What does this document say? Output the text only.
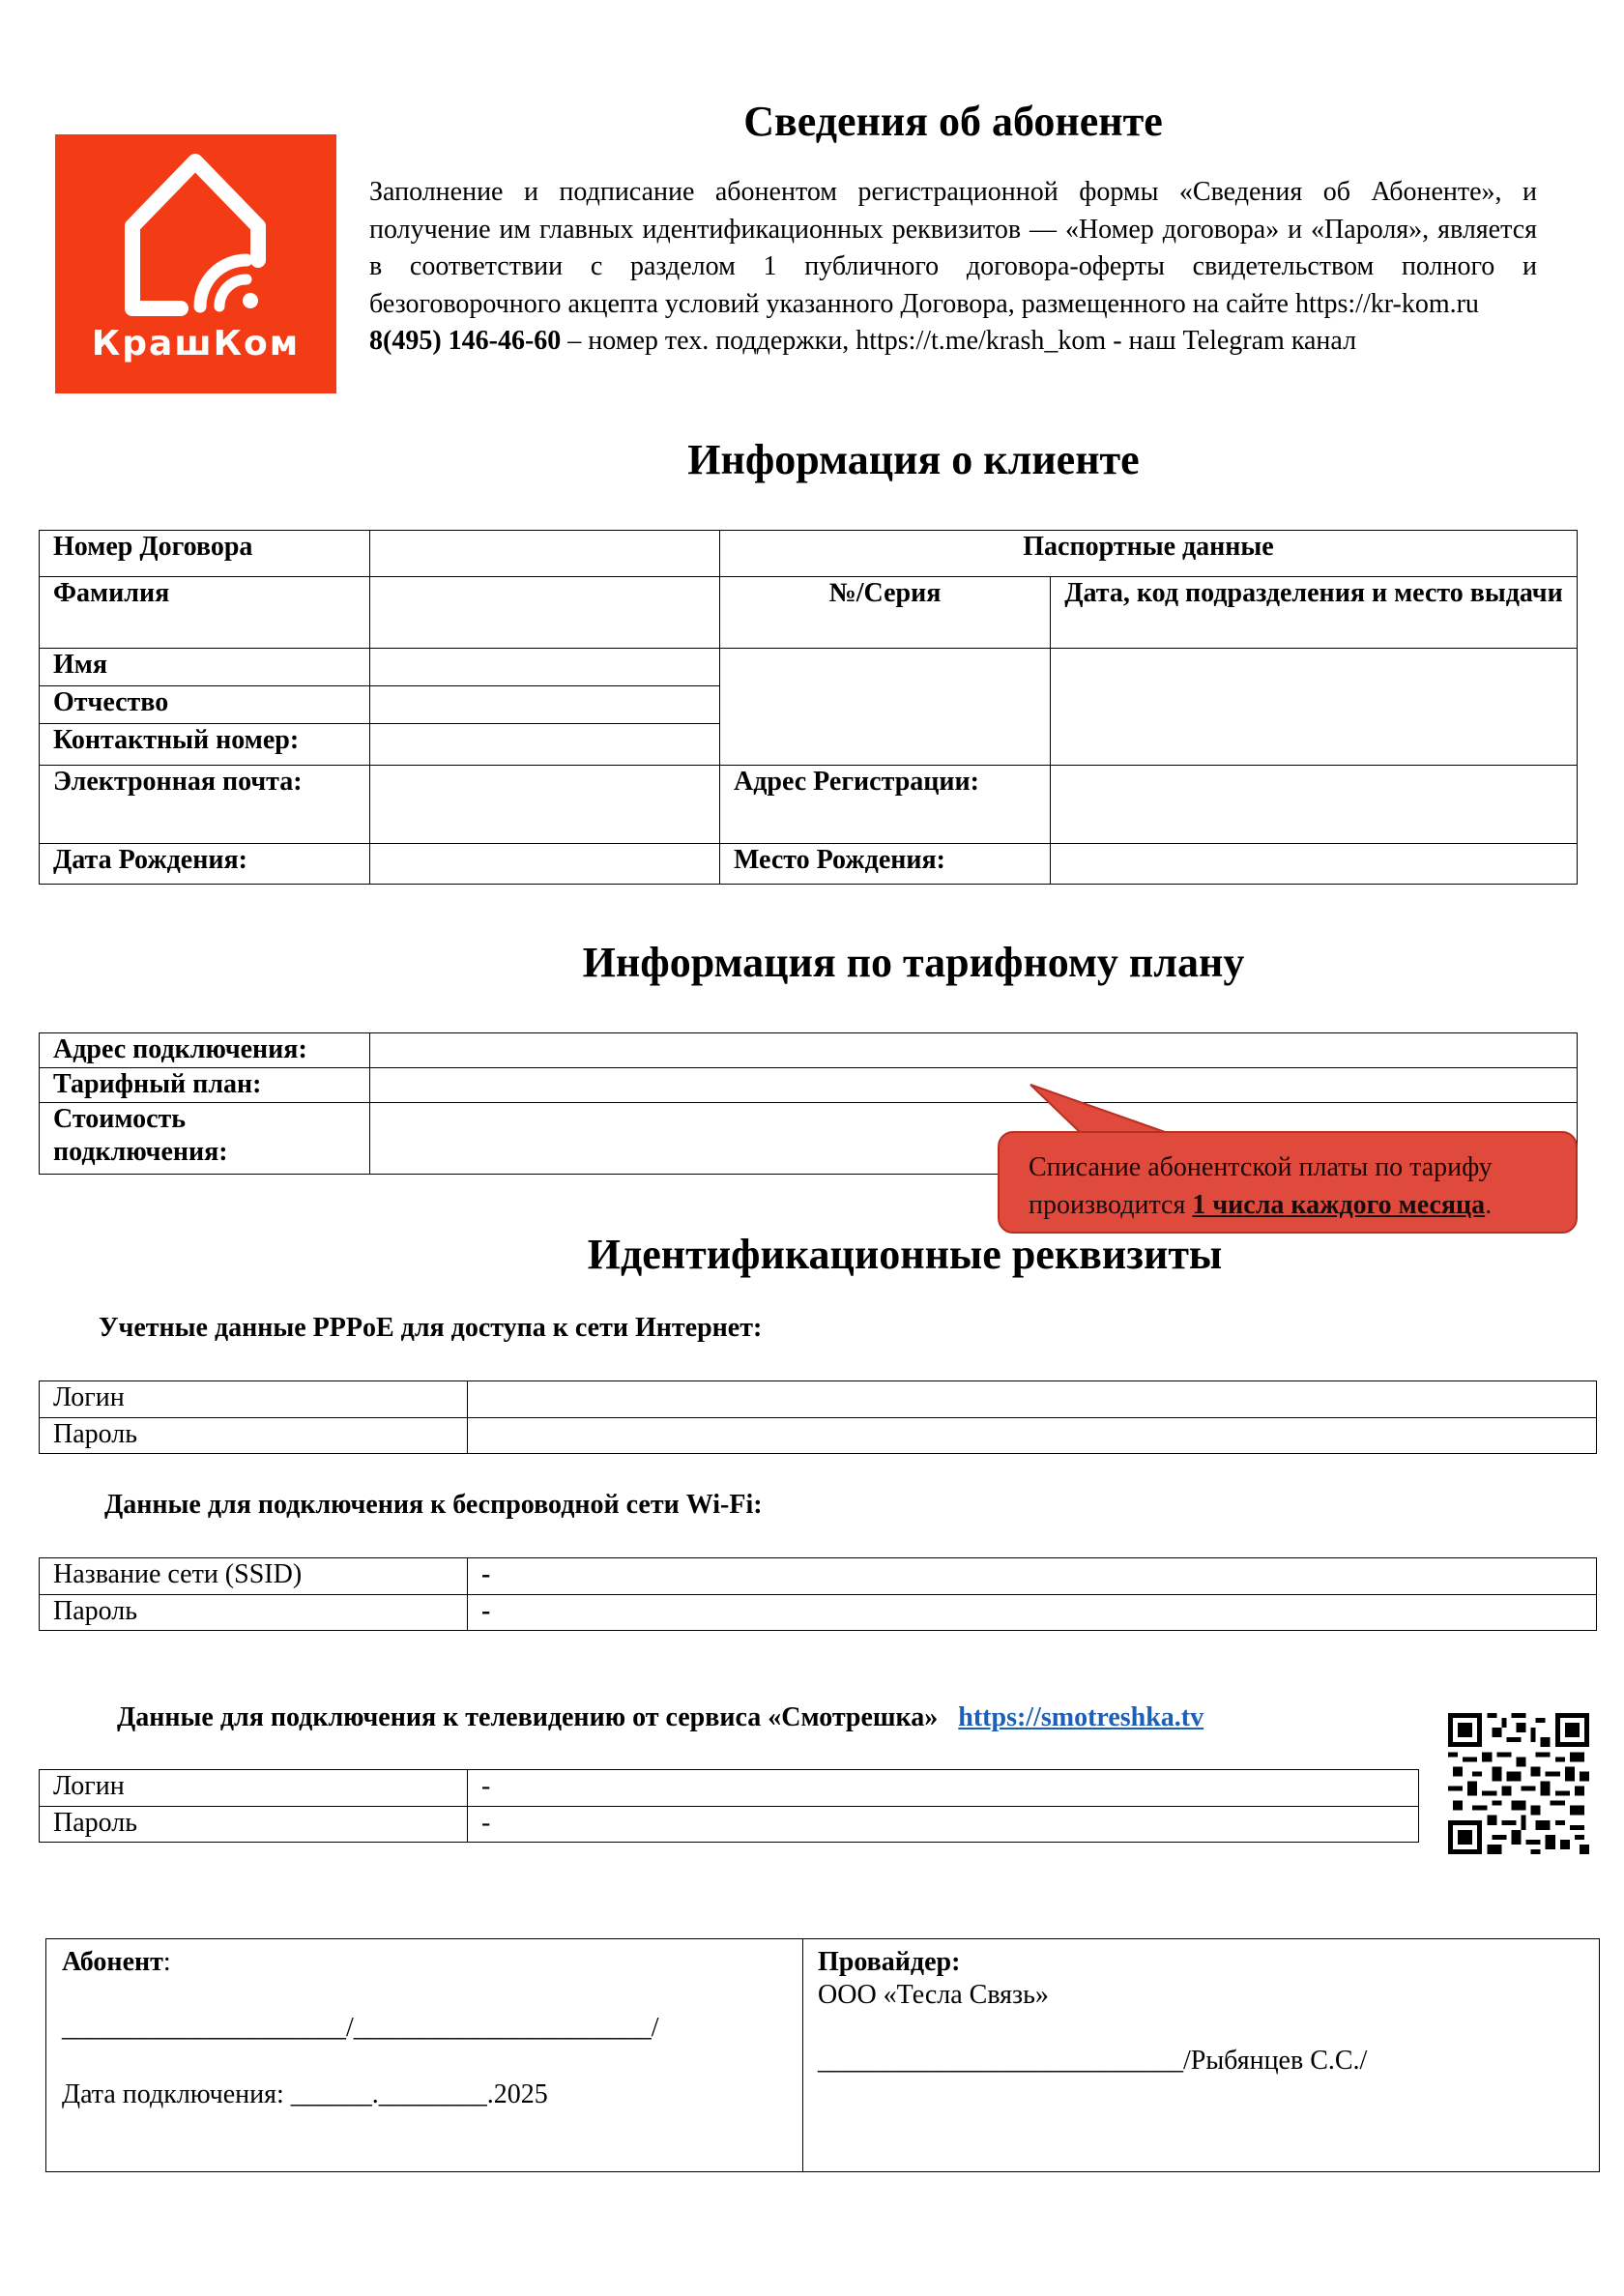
КрашКом
Сведения об абоненте

Заполнение и подписание абонентом регистрационной формы «Сведения об Абоненте», и получение им главных идентификационных реквизитов — «Номер договора» и «Пароля», является в соответствии с разделом 1 публичного договора-оферты свидетельством полного и безоговорочного акцепта условий указанного Договора, размещенного на сайте https://kr-kom.ru

8(495) 146-46-60 – номер тех. поддержки, https://t.me/krash_kom - наш Telegram канал

Информация о клиенте
Номер Договора		Паспортные данные	
Фамилия		№/Серия	Дата, код подразделения и место выдачи
Имя			
Отчество			
Контактный номер:			
Электронная почта:		Адрес Регистрации:	
Дата Рождения:		Место Рождения:	
Информация по тарифному плану
Адрес подключения:	
Тарифный план:	
Стоимость подключения:	
Списание абонентской платы по тарифу производится 1 числа каждого месяца.
Идентификационные реквизиты
Учетные данные PPPoE для доступа к сети Интернет:
Логин	
Пароль	
Данные для подключения к беспроводной сети Wi-Fi:
Название сети (SSID)	-
Пароль	-
Данные для подключения к телевидению от сервиса «Смотрешка» https://smotreshka.tv
Логин	-
Пароль	-
Абонент:
_____________________/______________________/
Дата подключения: ______.________.2025
Провайдер:
ООО «Тесла Связь»
___________________________/Рыбянцев С.С./
